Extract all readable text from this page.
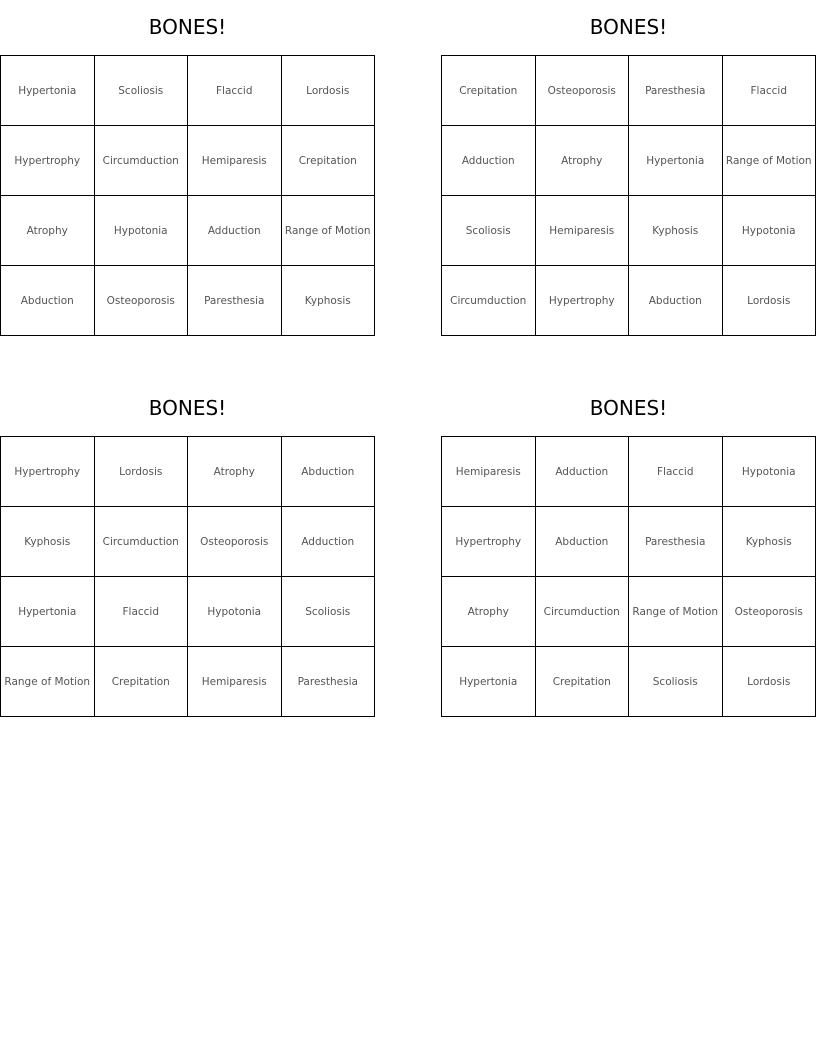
BONES!
Hypertonia	Scoliosis	Flaccid	Lordosis
Hypertrophy	Circumduction	Hemiparesis	Crepitation
Atrophy	Hypotonia	Adduction	Range of Motion
Abduction	Osteoporosis	Paresthesia	Kyphosis
BONES!
Crepitation	Osteoporosis	Paresthesia	Flaccid
Adduction	Atrophy	Hypertonia	Range of Motion
Scoliosis	Hemiparesis	Kyphosis	Hypotonia
Circumduction	Hypertrophy	Abduction	Lordosis
BONES!
Hypertrophy	Lordosis	Atrophy	Abduction
Kyphosis	Circumduction	Osteoporosis	Adduction
Hypertonia	Flaccid	Hypotonia	Scoliosis
Range of Motion	Crepitation	Hemiparesis	Paresthesia
BONES!
Hemiparesis	Adduction	Flaccid	Hypotonia
Hypertrophy	Abduction	Paresthesia	Kyphosis
Atrophy	Circumduction	Range of Motion	Osteoporosis
Hypertonia	Crepitation	Scoliosis	Lordosis
